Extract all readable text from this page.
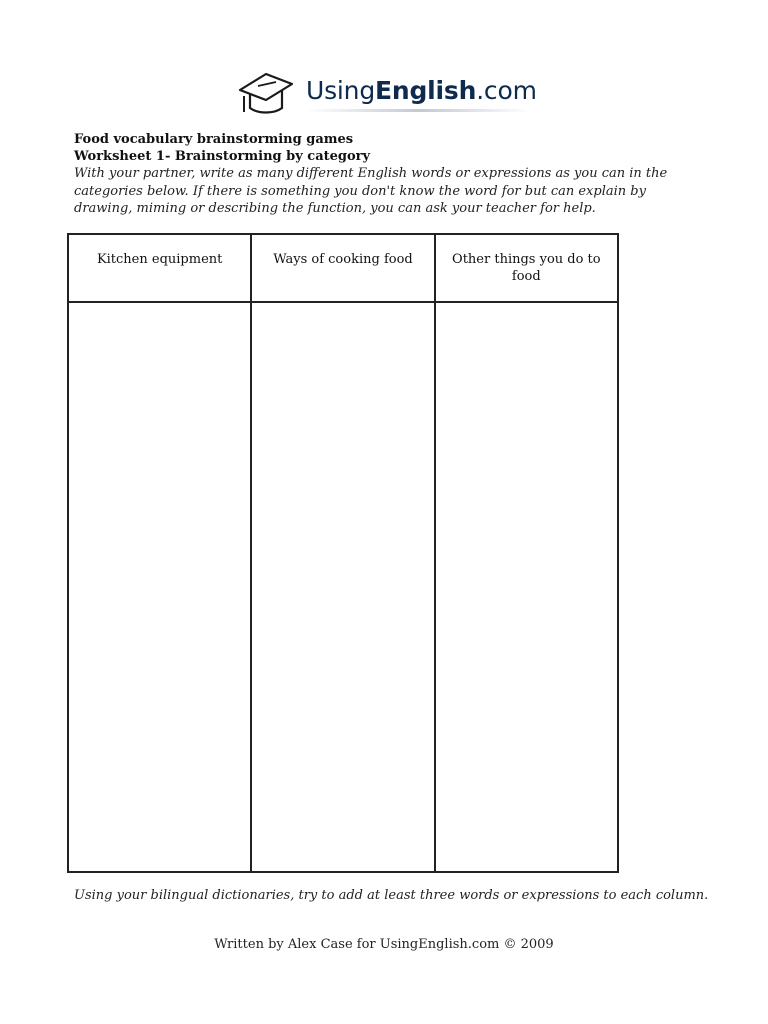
UsingEnglish.com
Food vocabulary brainstorming games
Worksheet 1- Brainstorming by category
With your partner, write as many different English words or expressions as you can in the categories below. If there is something you don't know the word for but can explain by drawing, miming or describing the function, you can ask your teacher for help.
Kitchen equipment	Ways of cooking food	Other things you do to food

Using your bilingual dictionaries, try to add at least three words or expressions to each column.
Written by Alex Case for UsingEnglish.com © 2009
